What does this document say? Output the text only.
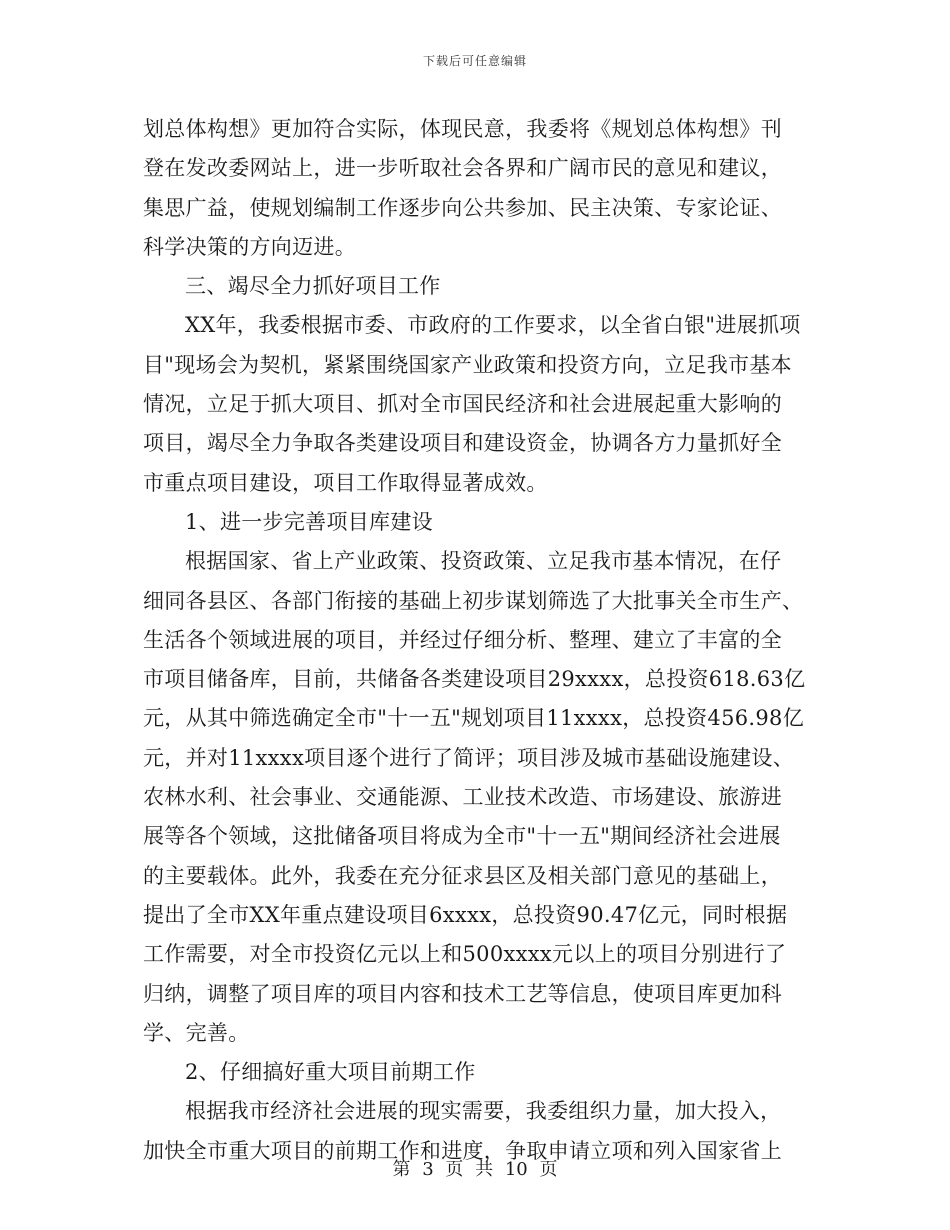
下载后可任意编辑
划总体构想》更加符合实际，体现民意，我委将《规划总体构想》刊
登在发改委网站上，进一步听取社会各界和广阔市民的意见和建议，
集思广益，使规划编制工作逐步向公共参加、民主决策、专家论证、
科学决策的方向迈进。
三、竭尽全力抓好项目工作
XX年，我委根据市委、市政府的工作要求，以全省白银"进展抓项
目"现场会为契机，紧紧围绕国家产业政策和投资方向，立足我市基本
情况，立足于抓大项目、抓对全市国民经济和社会进展起重大影响的
项目，竭尽全力争取各类建设项目和建设资金，协调各方力量抓好全
市重点项目建设，项目工作取得显著成效。
1、进一步完善项目库建设
根据国家、省上产业政策、投资政策、立足我市基本情况，在仔
细同各县区、各部门衔接的基础上初步谋划筛选了大批事关全市生产、
生活各个领域进展的项目，并经过仔细分析、整理、建立了丰富的全
市项目储备库，目前，共储备各类建设项目29xxxx，总投资618.63亿
元，从其中筛选确定全市"十一五"规划项目11xxxx，总投资456.98亿
元，并对11xxxx项目逐个进行了简评；项目涉及城市基础设施建设、
农林水利、社会事业、交通能源、工业技术改造、市场建设、旅游进
展等各个领域，这批储备项目将成为全市"十一五"期间经济社会进展
的主要载体。此外，我委在充分征求县区及相关部门意见的基础上，
提出了全市XX年重点建设项目6xxxx，总投资90.47亿元，同时根据
工作需要，对全市投资亿元以上和500xxxx元以上的项目分别进行了
归纳，调整了项目库的项目内容和技术工艺等信息，使项目库更加科
学、完善。
2、仔细搞好重大项目前期工作
根据我市经济社会进展的现实需要，我委组织力量，加大投入，
加快全市重大项目的前期工作和进度，争取申请立项和列入国家省上
第 3 页 共 10 页
